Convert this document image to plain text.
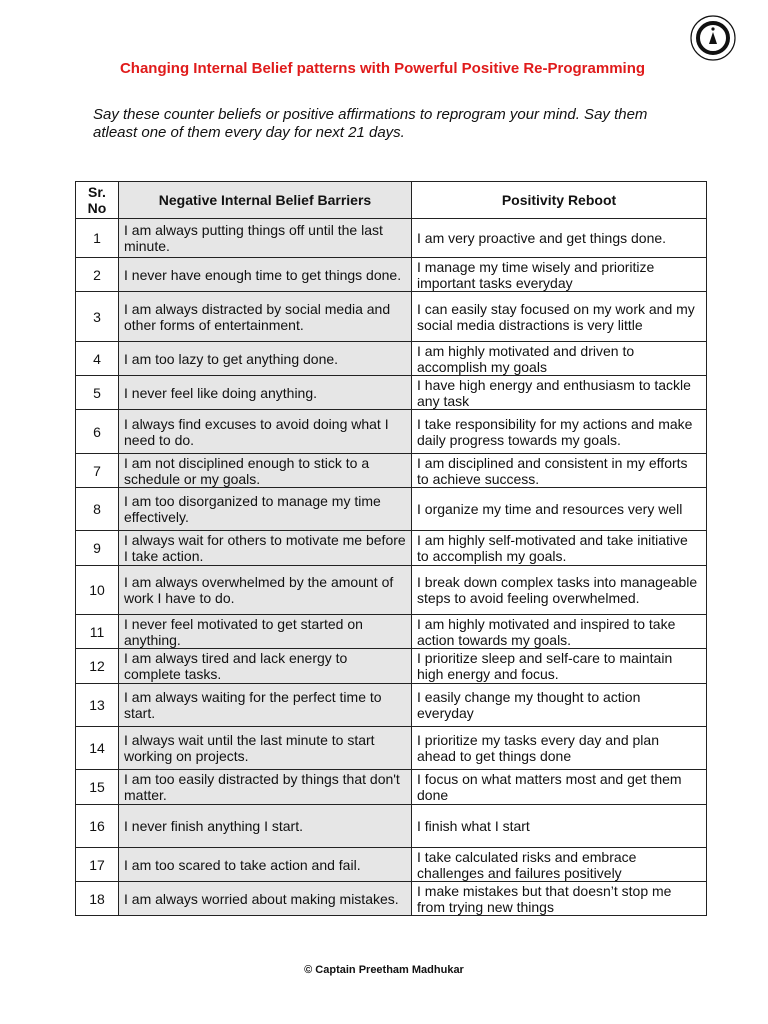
Changing Internal Belief patterns with Powerful Positive Re-Programming
Say these counter beliefs or positive affirmations to reprogram your mind. Say them atleast one of them every day for next 21 days.
Sr. No	Negative Internal Belief Barriers	Positivity Reboot
1	I am always putting things off until the last minute.	I am very proactive and get things done.
2	I never have enough time to get things done.	I manage my time wisely and prioritize important tasks everyday
3	I am always distracted by social media and other forms of entertainment.	I can easily stay focused on my work and my social media distractions is very little
4	I am too lazy to get anything done.	I am highly motivated and driven to accomplish my goals
5	I never feel like doing anything.	I have high energy and enthusiasm to tackle any task
6	I always find excuses to avoid doing what I need to do.	I take responsibility for my actions and make daily progress towards my goals.
7	I am not disciplined enough to stick to a schedule or my goals.	I am disciplined and consistent in my efforts to achieve success.
8	I am too disorganized to manage my time effectively.	I organize my time and resources very well
9	I always wait for others to motivate me before I take action.	I am highly self-motivated and take initiative to accomplish my goals.
10	I am always overwhelmed by the amount of work I have to do.	I break down complex tasks into manageable steps to avoid feeling overwhelmed.
11	I never feel motivated to get started on anything.	I am highly motivated and inspired to take action towards my goals.
12	I am always tired and lack energy to complete tasks.	I prioritize sleep and self-care to maintain high energy and focus.
13	I am always waiting for the perfect time to start.	I easily change my thought to action everyday
14	I always wait until the last minute to start working on projects.	I prioritize my tasks every day and plan ahead to get things done
15	I am too easily distracted by things that don't matter.	I focus on what matters most and get them done
16	I never finish anything I start.	I finish what I start
17	I am too scared to take action and fail.	I take calculated risks and embrace challenges and failures positively
18	I am always worried about making mistakes.	I make mistakes but that doesn’t stop me from trying new things
© Captain Preetham Madhukar
